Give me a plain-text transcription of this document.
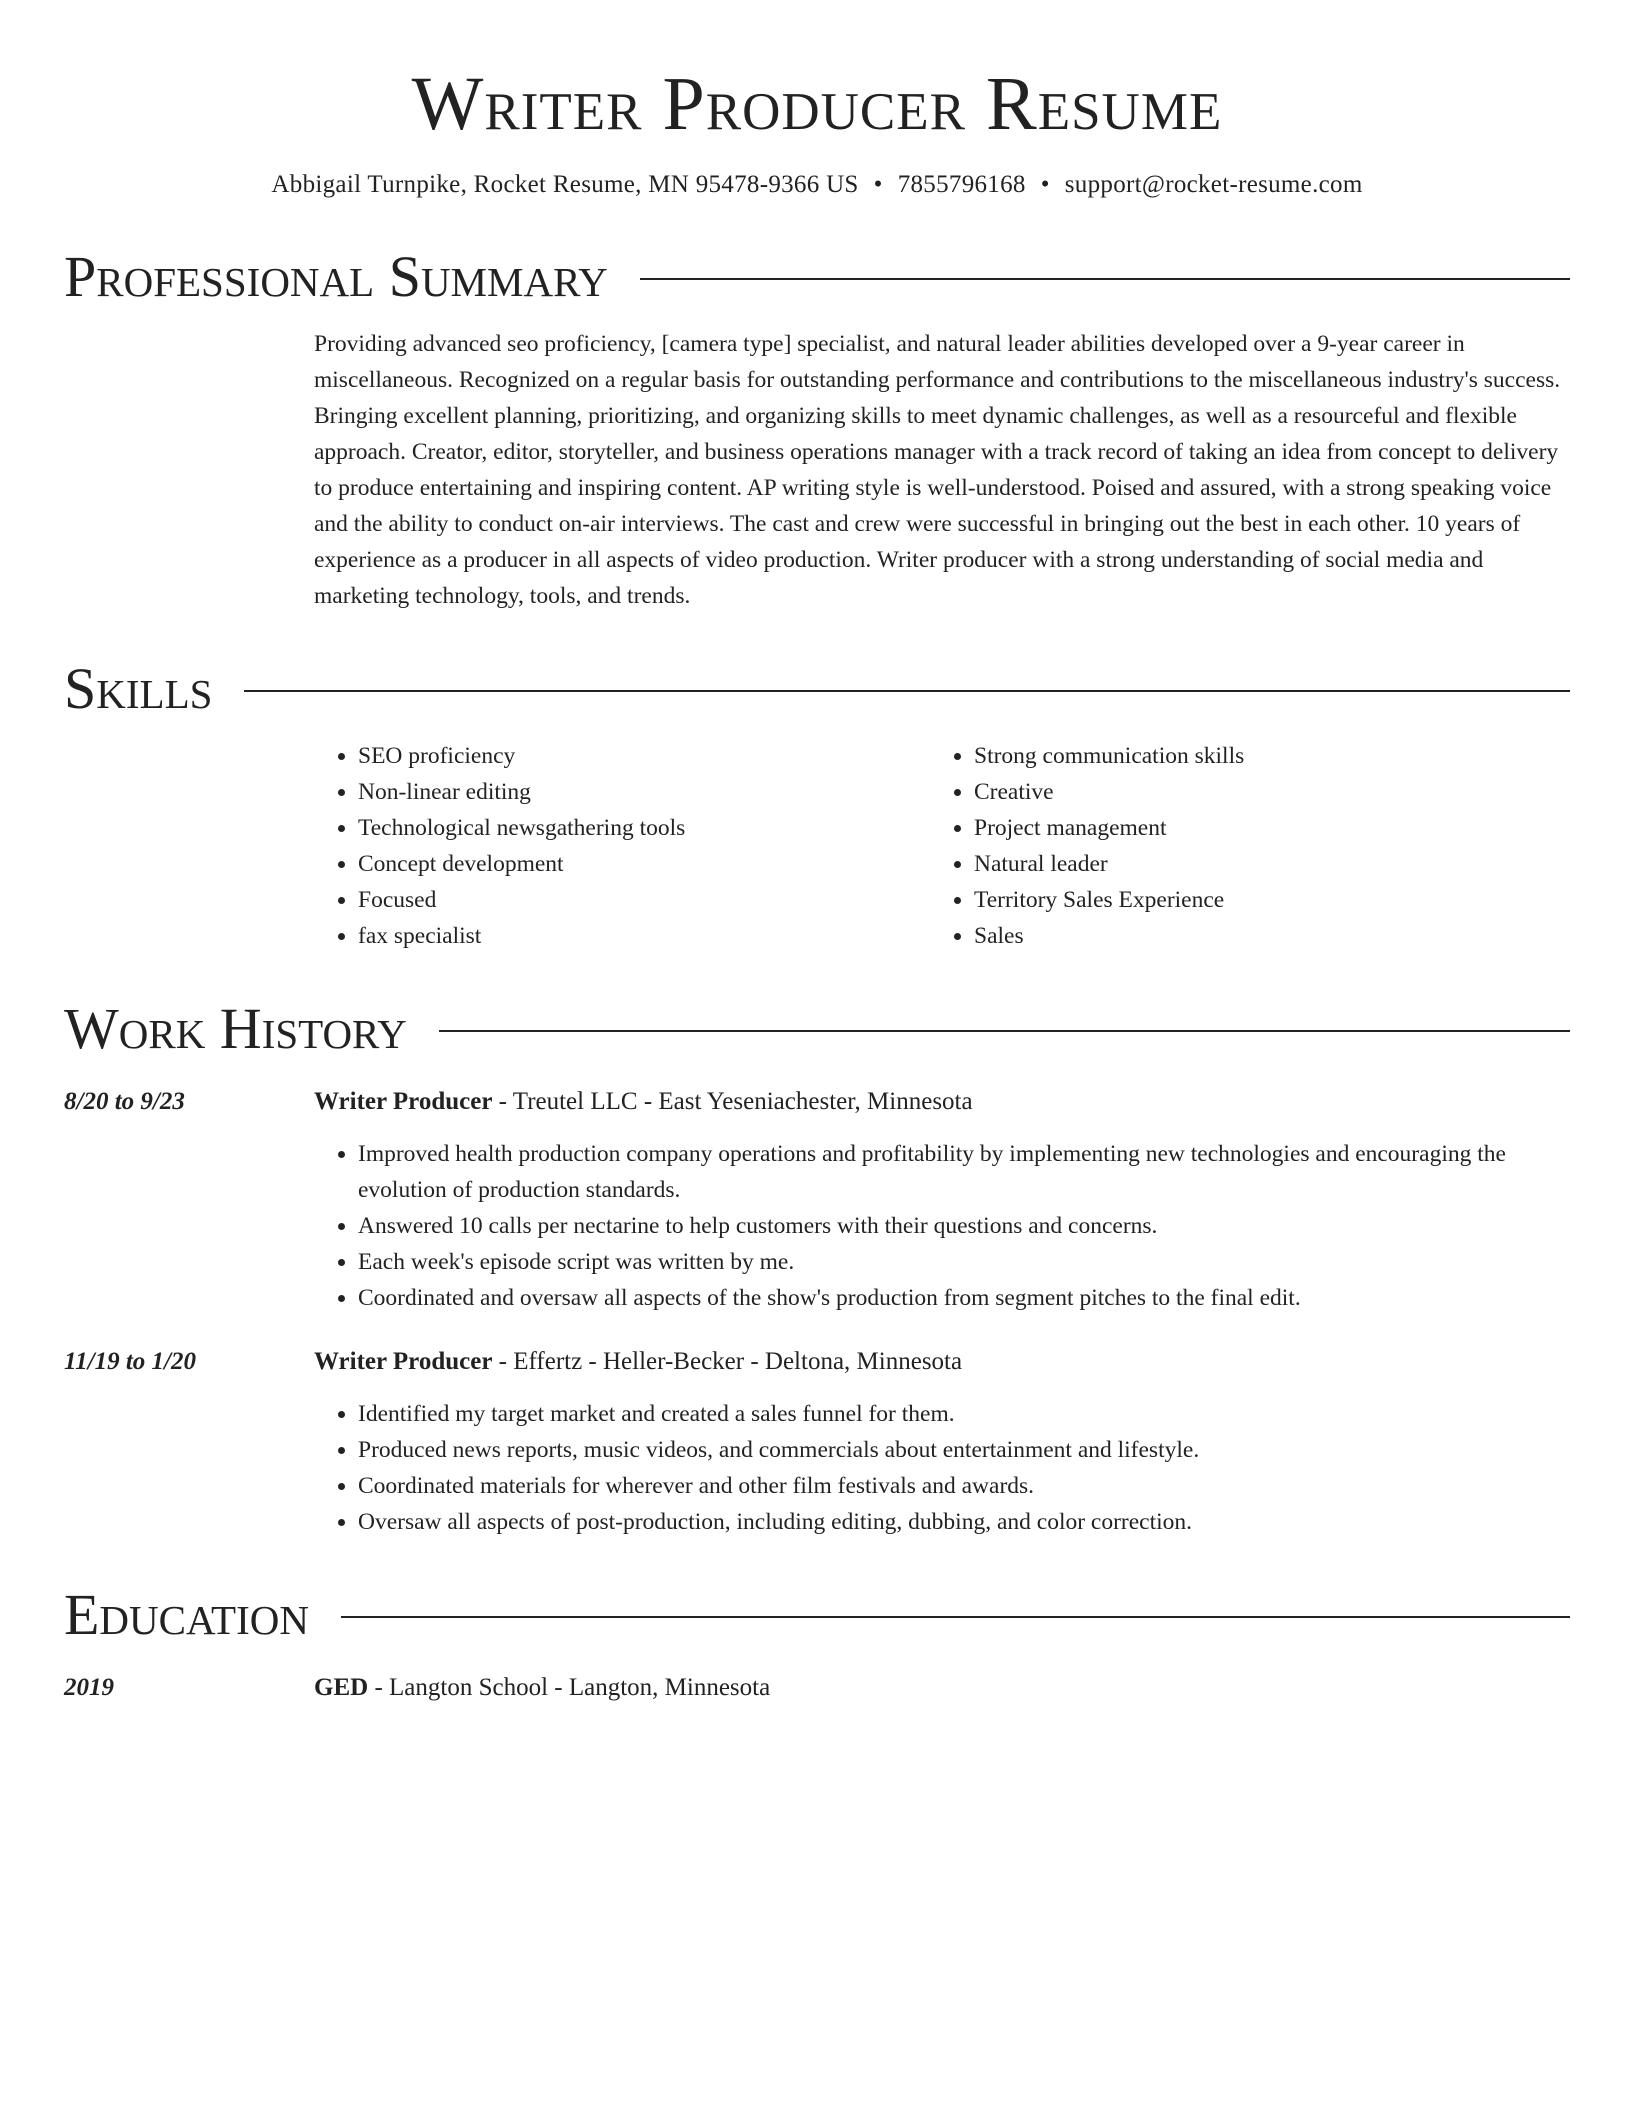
Writer Producer Resume
Abbigail Turnpike, Rocket Resume, MN 95478-9366 US • 7855796168 • support@rocket-resume.com
Professional Summary

Providing advanced seo proficiency, [camera type] specialist, and natural leader abilities developed over a 9-year career in miscellaneous. Recognized on a regular basis for outstanding performance and contributions to the miscellaneous industry's success. Bringing excellent planning, prioritizing, and organizing skills to meet dynamic challenges, as well as a resourceful and flexible approach. Creator, editor, storyteller, and business operations manager with a track record of taking an idea from concept to delivery to produce entertaining and inspiring content. AP writing style is well-understood. Poised and assured, with a strong speaking voice and the ability to conduct on-air interviews. The cast and crew were successful in bringing out the best in each other. 10 years of experience as a producer in all aspects of video production. Writer producer with a strong understanding of social media and marketing technology, tools, and trends.

Skills
• SEO proficiency
• Non-linear editing
• Technological newsgathering tools
• Concept development
• Focused
• fax specialist
• Strong communication skills
• Creative
• Project management
• Natural leader
• Territory Sales Experience
• Sales
Work History
8/20 to 9/23	Writer Producer - Treutel LLC - East Yeseniachester, Minnesota
• Improved health production company operations and profitability by implementing new technologies and encouraging the evolution of production standards.
• Answered 10 calls per nectarine to help customers with their questions and concerns.
• Each week's episode script was written by me.
• Coordinated and oversaw all aspects of the show's production from segment pitches to the final edit.
11/19 to 1/20	Writer Producer - Effertz - Heller-Becker - Deltona, Minnesota
• Identified my target market and created a sales funnel for them.
• Produced news reports, music videos, and commercials about entertainment and lifestyle.
• Coordinated materials for wherever and other film festivals and awards.
• Oversaw all aspects of post-production, including editing, dubbing, and color correction.
Education
2019	GED - Langton School - Langton, Minnesota
